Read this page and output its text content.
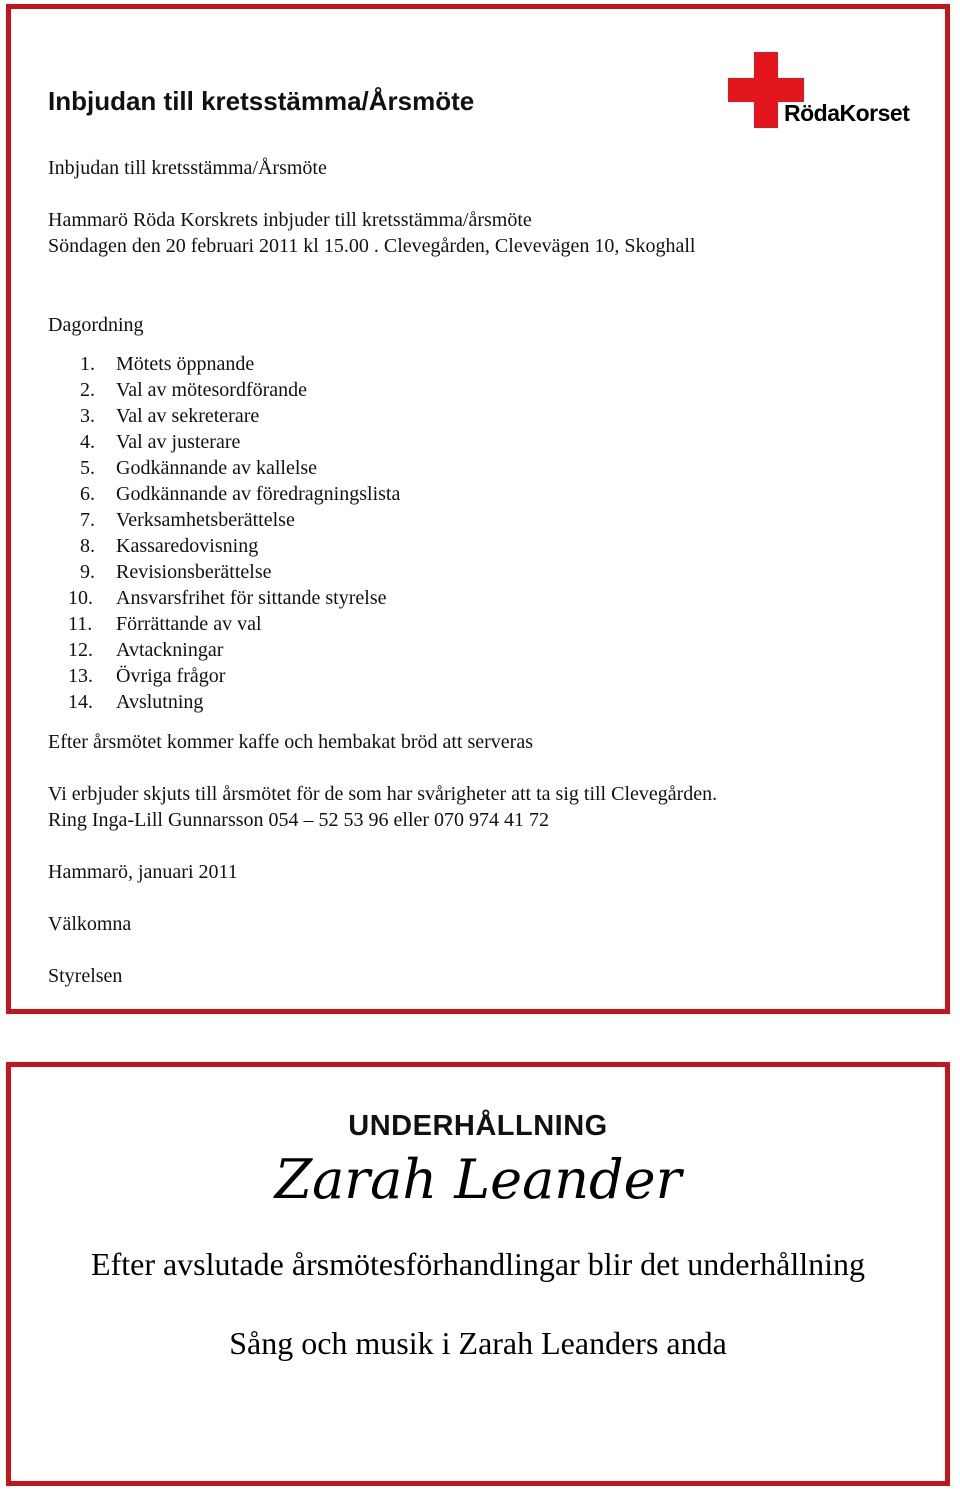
Inbjudan till kretsstämma/Årsmöte	RödaKorset

Inbjudan till kretsstämma/Årsmöte

Hammarö Röda Korskrets inbjuder till kretsstämma/årsmöte

Söndagen den 20 februari 2011 kl 15.00 . Clevegården, Clevevägen 10, Skoghall

Dagordning

1. Mötets öppnande
2. Val av mötesordförande
3. Val av sekreterare
4. Val av justerare
5. Godkännande av kallelse
6. Godkännande av föredragningslista
7. Verksamhetsberättelse
8. Kassaredovisning
9. Revisionsberättelse
10. Ansvarsfrihet för sittande styrelse
11. Förrättande av val
12. Avtackningar
13. Övriga frågor
14. Avslutning

Efter årsmötet kommer kaffe och hembakat bröd att serveras

Vi erbjuder skjuts till årsmötet för de som har svårigheter att ta sig till Clevegården.

Ring Inga-Lill Gunnarsson 054 – 52 53 96 eller 070 974 41 72

Hammarö, januari 2011

Välkomna

Styrelsen

UNDERHÅLLNING
Zarah Leander
Efter avslutade årsmötesförhandlingar blir det underhållning
Sång och musik i Zarah Leanders anda
